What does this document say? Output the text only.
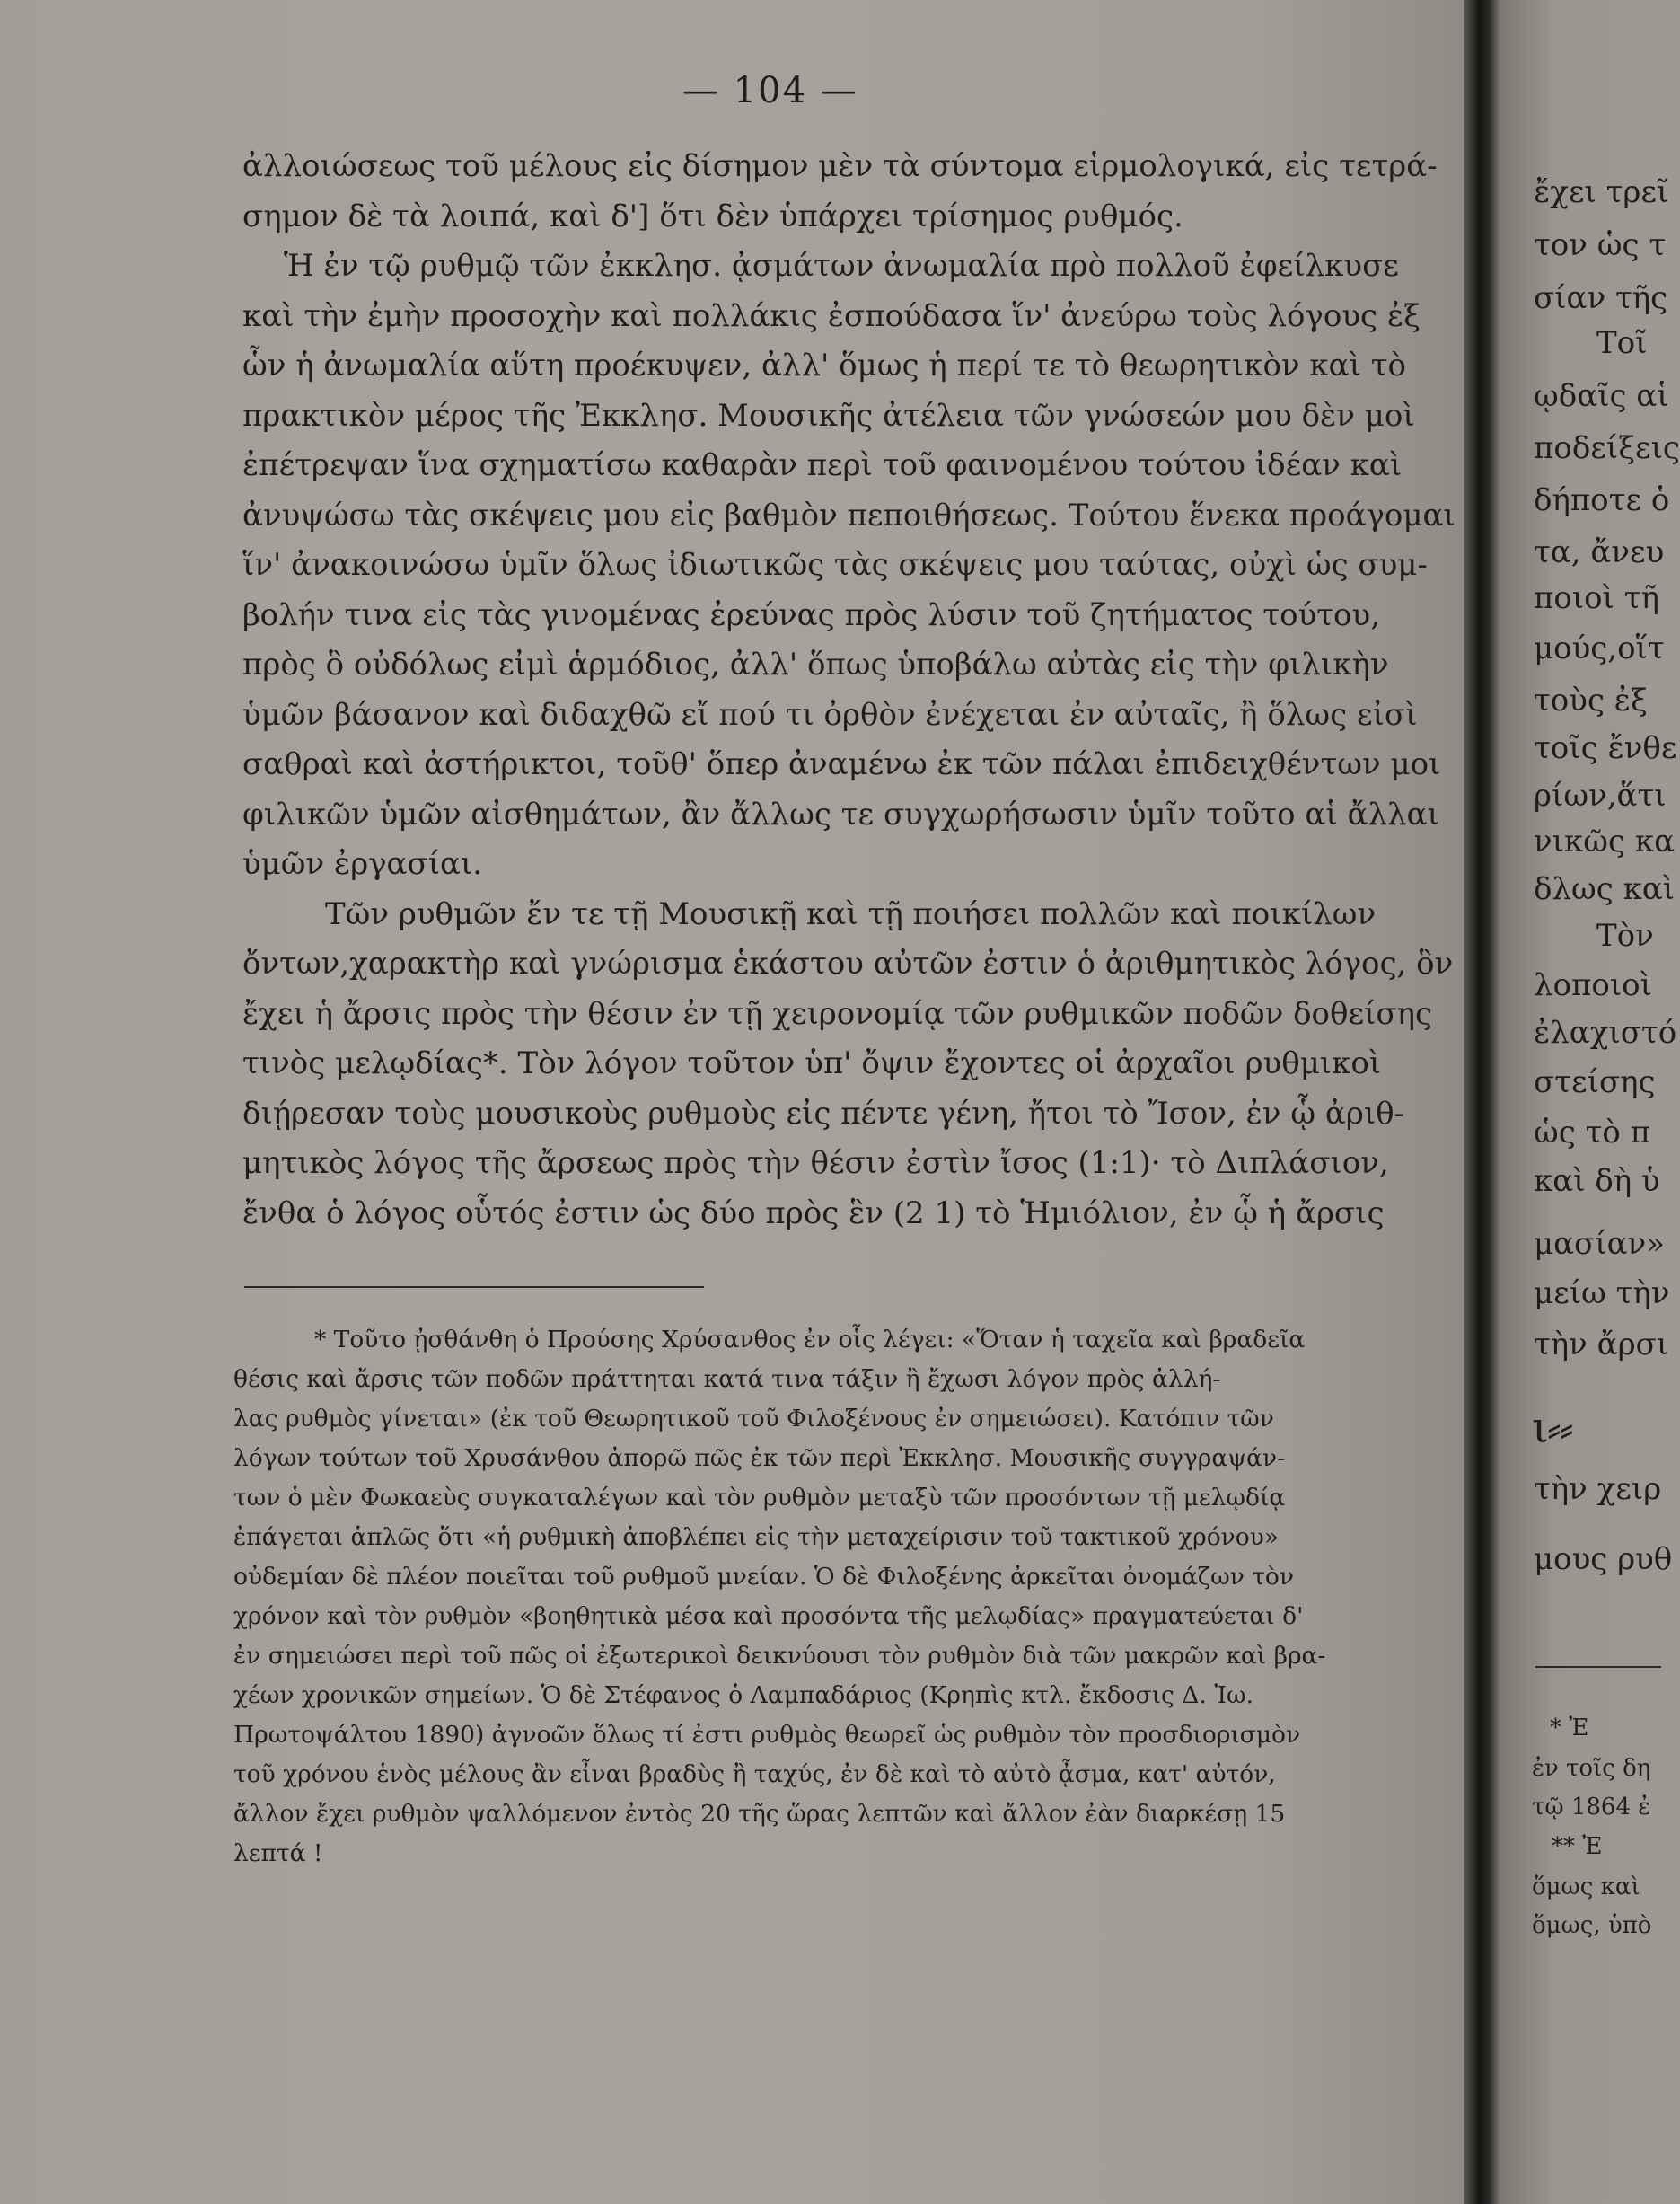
— 104 —
ἀλλοιώσεως τοῦ μέλους εἰς δίσημον μὲν τὰ σύντομα εἱρμολογικά, εἰς τετρά-
σημον δὲ τὰ λοιπά, καὶ δ'] ὅτι δὲν ὑπάρχει τρίσημος ρυθμός.
Ἡ ἐν τῷ ρυθμῷ τῶν ἐκκλησ. ᾀσμάτων ἀνωμαλία πρὸ πολλοῦ ἐφείλκυσε
καὶ τὴν ἐμὴν προσοχὴν καὶ πολλάκις ἐσπούδασα ἵν' ἀνεύρω τοὺς λόγους ἐξ
ὧν ἡ ἀνωμαλία αὕτη προέκυψεν, ἀλλ' ὅμως ἡ περί τε τὸ θεωρητικὸν καὶ τὸ
πρακτικὸν μέρος τῆς Ἐκκλησ. Μουσικῆς ἀτέλεια τῶν γνώσεών μου δὲν μοὶ
ἐπέτρεψαν ἵνα σχηματίσω καθαρὰν περὶ τοῦ φαινομένου τούτου ἰδέαν καὶ
ἀνυψώσω τὰς σκέψεις μου εἰς βαθμὸν πεποιθήσεως. Τούτου ἕνεκα προάγομαι
ἵν' ἀνακοινώσω ὑμῖν ὅλως ἰδιωτικῶς τὰς σκέψεις μου ταύτας, οὐχὶ ὡς συμ-
βολήν τινα εἰς τὰς γινομένας ἐρεύνας πρὸς λύσιν τοῦ ζητήματος τούτου,
πρὸς ὃ οὐδόλως εἰμὶ ἁρμόδιος, ἀλλ' ὅπως ὑποβάλω αὐτὰς εἰς τὴν φιλικὴν
ὑμῶν βάσανον καὶ διδαχθῶ εἴ πού τι ὀρθὸν ἐνέχεται ἐν αὐταῖς, ἢ ὅλως εἰσὶ
σαθραὶ καὶ ἀστήρικτοι, τοῦθ' ὅπερ ἀναμένω ἐκ τῶν πάλαι ἐπιδειχθέντων μοι
φιλικῶν ὑμῶν αἰσθημάτων, ἂν ἄλλως τε συγχωρήσωσιν ὑμῖν τοῦτο αἱ ἄλλαι
ὑμῶν ἐργασίαι.
Τῶν ρυθμῶν ἔν τε τῇ Μουσικῇ καὶ τῇ ποιήσει πολλῶν καὶ ποικίλων
ὄντων,χαρακτὴρ καὶ γνώρισμα ἑκάστου αὐτῶν ἐστιν ὁ ἀριθμητικὸς λόγος, ὃν
ἔχει ἡ ἄρσις πρὸς τὴν θέσιν ἐν τῇ χειρονομίᾳ τῶν ρυθμικῶν ποδῶν δοθείσης
τινὸς μελῳδίας*. Τὸν λόγον τοῦτον ὑπ' ὄψιν ἔχοντες οἱ ἀρχαῖοι ρυθμικοὶ
διῄρεσαν τοὺς μουσικοὺς ρυθμοὺς εἰς πέντε γένη, ἤτοι τὸ Ἴσον, ἐν ᾧ ἀριθ-
μητικὸς λόγος τῆς ἄρσεως πρὸς τὴν θέσιν ἐστὶν ἴσος (1:1)· τὸ Διπλάσιον,
ἔνθα ὁ λόγος οὗτός ἐστιν ὡς δύο πρὸς ἓν (2 1) τὸ Ἡμιόλιον, ἐν ᾧ ἡ ἄρσις
* Τοῦτο ᾐσθάνθη ὁ Προύσης Χρύσανθος ἐν οἷς λέγει: «Ὅταν ἡ ταχεῖα καὶ βραδεῖα
θέσις καὶ ἄρσις τῶν ποδῶν πράττηται κατά τινα τάξιν ἢ ἔχωσι λόγον πρὸς ἀλλή-
λας ρυθμὸς γίνεται» (ἐκ τοῦ Θεωρητικοῦ τοῦ Φιλοξένους ἐν σημειώσει). Κατόπιν τῶν
λόγων τούτων τοῦ Χρυσάνθου ἀπορῶ πῶς ἐκ τῶν περὶ Ἐκκλησ. Μουσικῆς συγγραψάν-
των ὁ μὲν Φωκαεὺς συγκαταλέγων καὶ τὸν ρυθμὸν μεταξὺ τῶν προσόντων τῇ μελῳδίᾳ
ἐπάγεται ἁπλῶς ὅτι «ἡ ρυθμικὴ ἀποβλέπει εἰς τὴν μεταχείρισιν τοῦ τακτικοῦ χρόνου»
οὐδεμίαν δὲ πλέον ποιεῖται τοῦ ρυθμοῦ μνείαν. Ὁ δὲ Φιλοξένης ἀρκεῖται ὀνομάζων τὸν
χρόνον καὶ τὸν ρυθμὸν «βοηθητικὰ μέσα καὶ προσόντα τῆς μελῳδίας» πραγματεύεται δ'
ἐν σημειώσει περὶ τοῦ πῶς οἱ ἐξωτερικοὶ δεικνύουσι τὸν ρυθμὸν διὰ τῶν μακρῶν καὶ βρα-
χέων χρονικῶν σημείων. Ὁ δὲ Στέφανος ὁ Λαμπαδάριος (Κρηπὶς κτλ. ἔκδοσις Δ. Ἰω.
Πρωτοψάλτου 1890) ἀγνοῶν ὅλως τί ἐστι ρυθμὸς θεωρεῖ ὡς ρυθμὸν τὸν προσδιορισμὸν
τοῦ χρόνου ἑνὸς μέλους ἂν εἶναι βραδὺς ἢ ταχύς, ἐν δὲ καὶ τὸ αὐτὸ ᾆσμα, κατ' αὐτόν,
ἄλλον ἔχει ρυθμὸν ψαλλόμενον ἐντὸς 20 τῆς ὥρας λεπτῶν καὶ ἄλλον ἐὰν διαρκέσῃ 15
λεπτά !
ἔχει τρεῖ
τον ὡς τ
σίαν τῆς
Τοῖ
ῳδαῖς αἱ
ποδείξεις
δήποτε ὁ
τα, ἄνευ
ποιοὶ τῆ
μούς,οἵτ
τοὺς ἐξ
τοῖς ἔνθε
ρίων,ἅτι
νικῶς κα
δλως καὶ
Τὸν
λοποιοὶ
ἐλαχιστό
στείσης
ὡς τὸ π
καὶ δὴ ὑ
μασίαν»
μείω τὴν
τὴν ἄρσι
ι⸗⸗
τὴν χειρ
μους ρυθ
* Ἐ
ἐν τοῖς δη
τῷ 1864 ἐ
** Ἐ
ὅμως καὶ
ὅμως, ὑπὸ
